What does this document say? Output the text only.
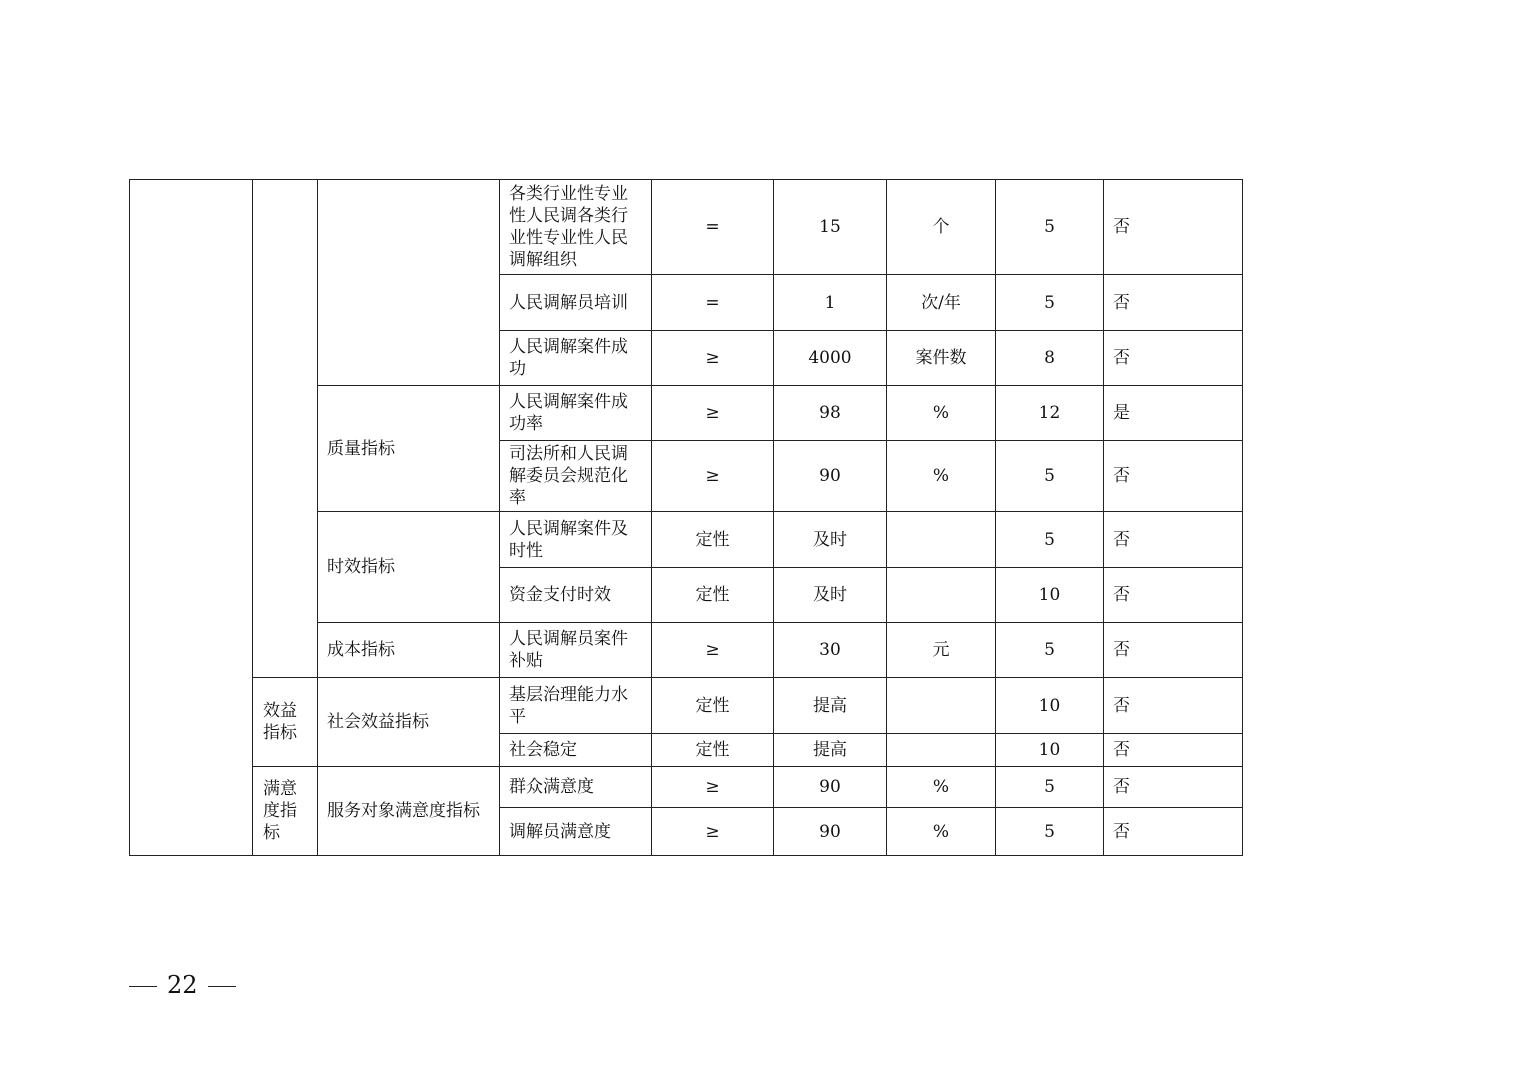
			各类行业性专业性人民调各类行业性专业性人民调解组织	=	15	个	5	否
			人民调解员培训	=	1	次/年	5	否
			人民调解案件成功	≥	4000	案件数	8	否
		质量指标	人民调解案件成功率	≥	98	%	12	是
			司法所和人民调解委员会规范化率	≥	90	%	5	否
		时效指标	人民调解案件及时性	定性	及时		5	否
			资金支付时效	定性	及时		10	否
		成本指标	人民调解员案件补贴	≥	30	元	5	否
	效益指标	社会效益指标	基层治理能力水平	定性	提高		10	否
			社会稳定	定性	提高		10	否
	满意度指标	服务对象满意度指标	群众满意度	≥	90	%	5	否
			调解员满意度	≥	90	%	5	否
22
